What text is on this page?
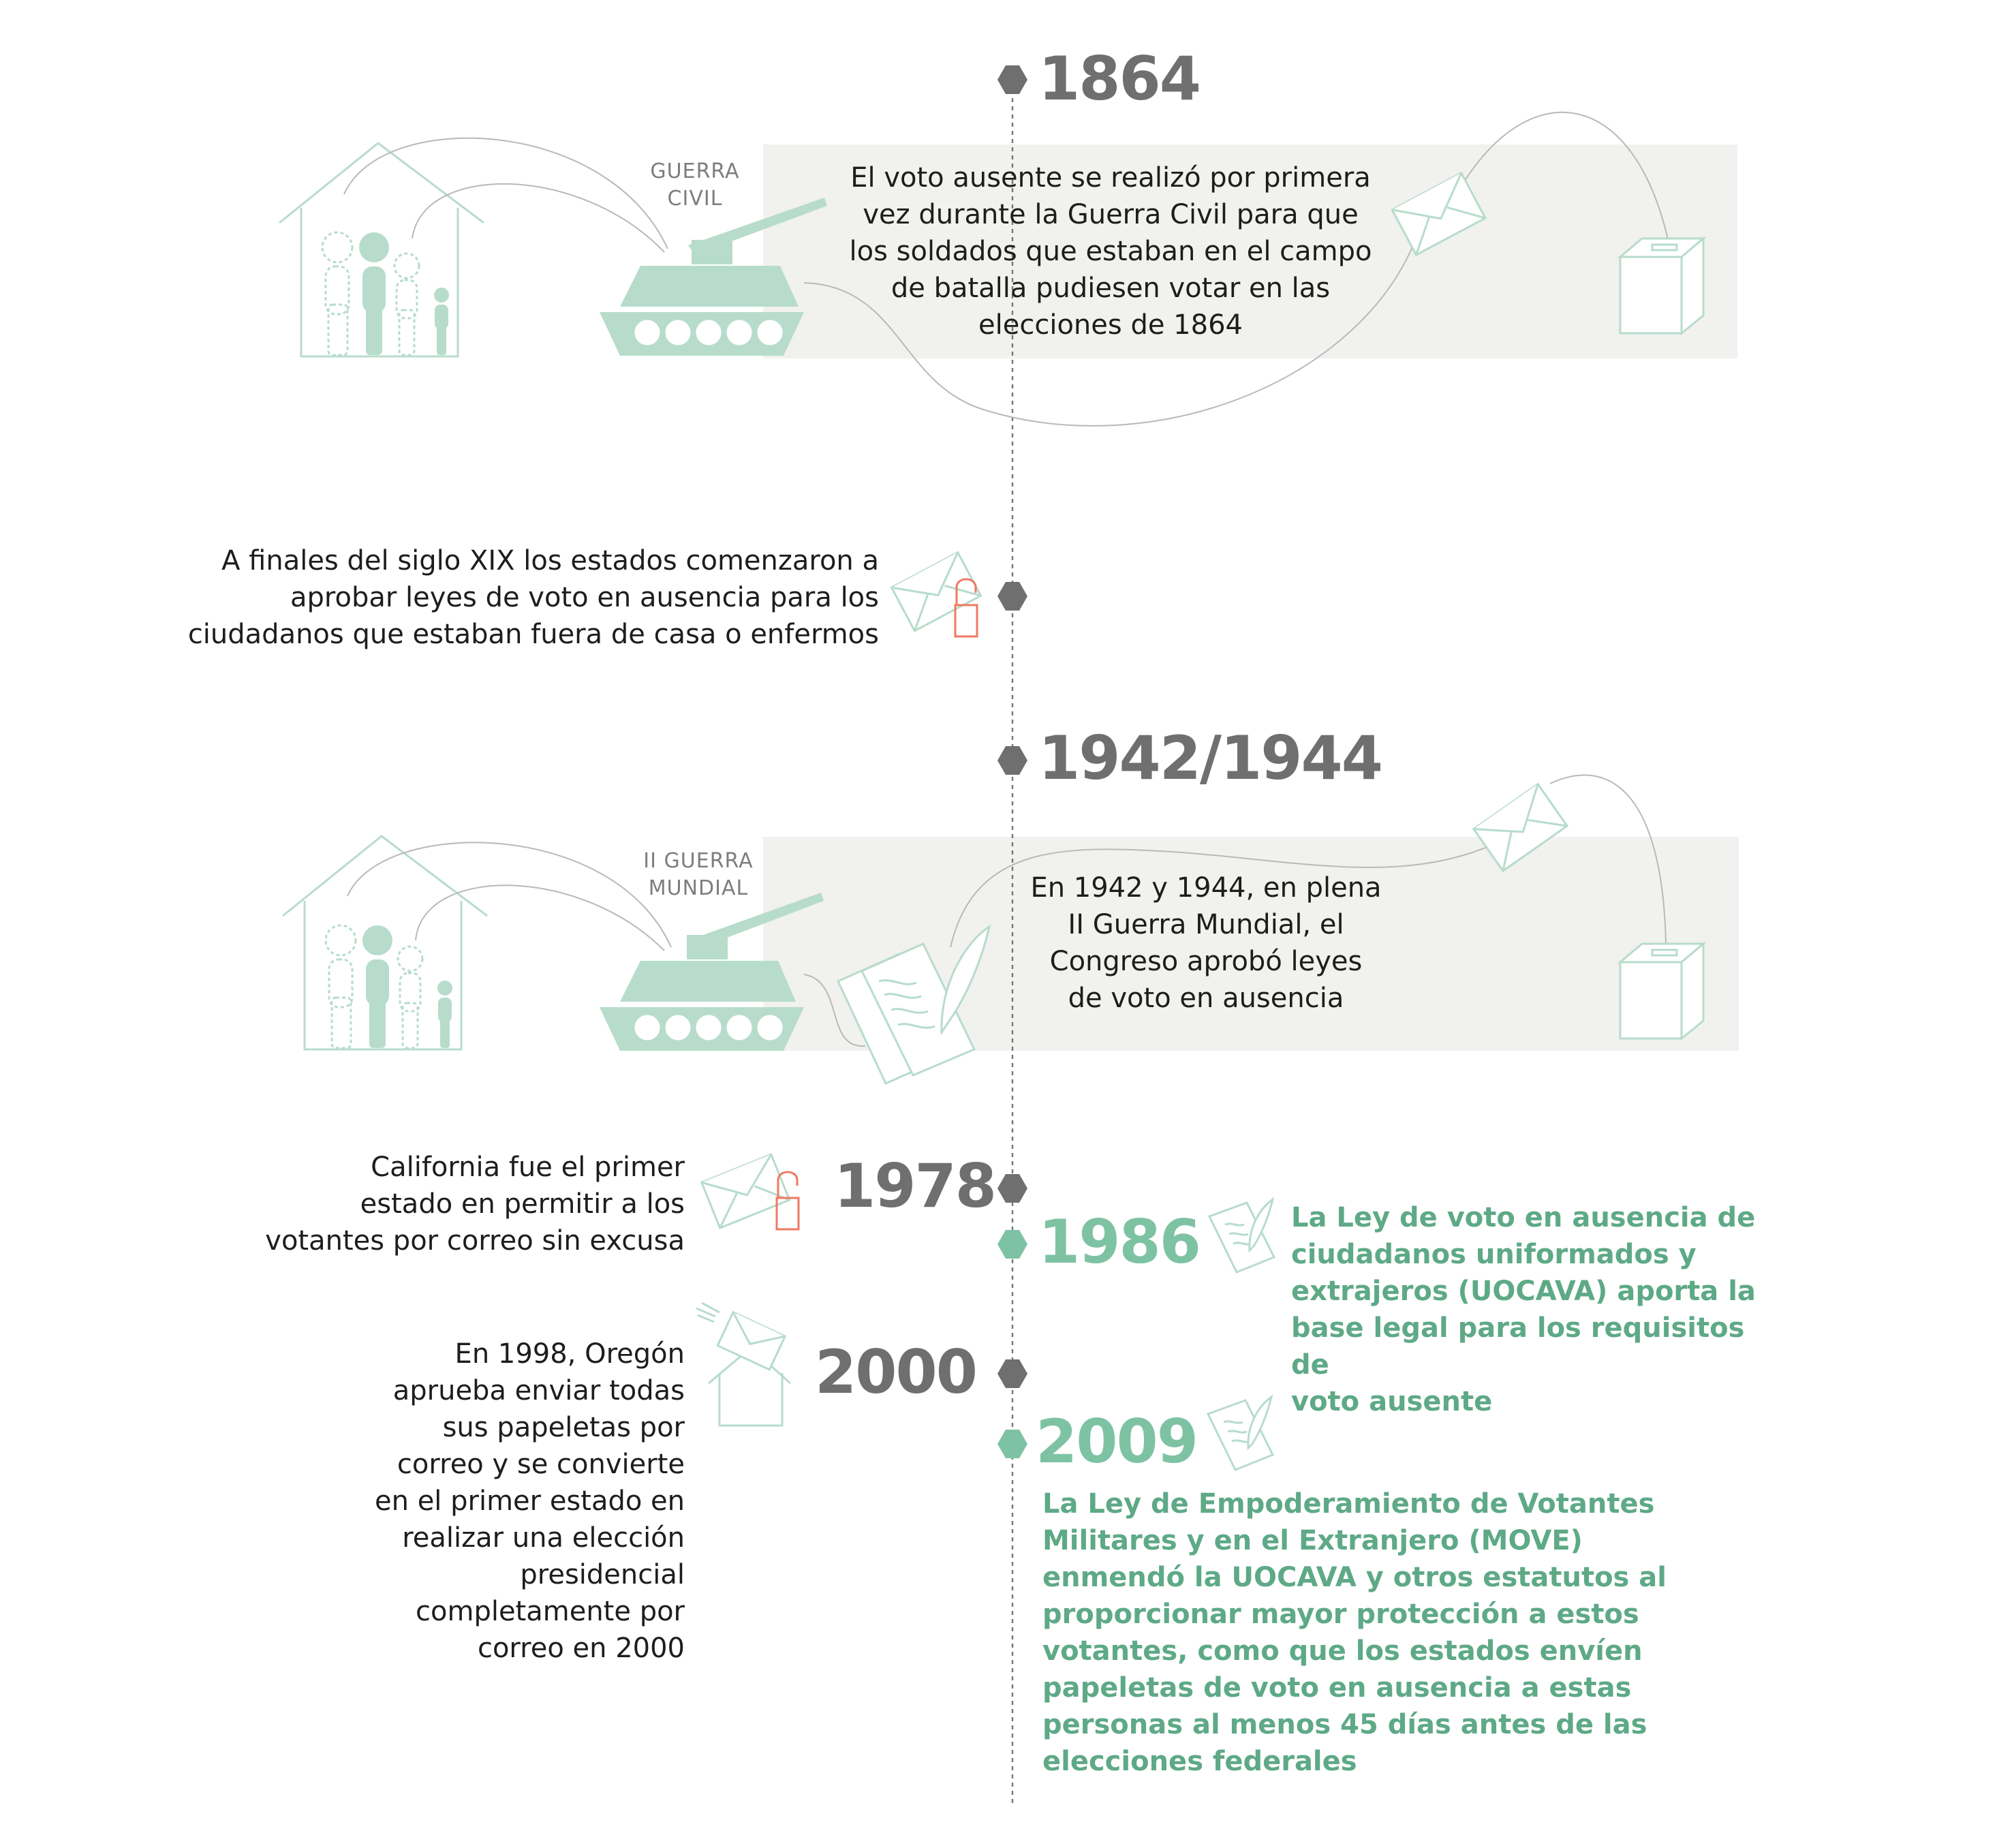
1864
GUERRA
CIVIL
El voto ausente se realizó por primera
vez durante la Guerra Civil para que
los soldados que estaban en el campo
de batalla pudiesen votar en las
elecciones de 1864
A finales del siglo XIX los estados comenzaron a
aprobar leyes de voto en ausencia para los
ciudadanos que estaban fuera de casa o enfermos
1942/1944
II GUERRA
MUNDIAL	En 1942 y 1944, en plena
II Guerra Mundial, el
Congreso aprobó leyes
de voto en ausencia
California fue el primer
estado en permitir a los
votantes por correo sin excusa
1978
1986	La Ley de voto en ausencia de
ciudadanos uniformados y
extrajeros (UOCAVA) aporta la
base legal para los requisitos de
voto ausente
En 1998, Oregón
aprueba enviar todas
sus papeletas por
correo y se convierte
en el primer estado en
realizar una elección
presidencial
completamente por
correo en 2000
2000
2009
La Ley de Empoderamiento de Votantes
Militares y en el Extranjero (MOVE)
enmendó la UOCAVA y otros estatutos al
proporcionar mayor protección a estos
votantes, como que los estados envíen
papeletas de voto en ausencia a estas
personas al menos 45 días antes de las
elecciones federales
